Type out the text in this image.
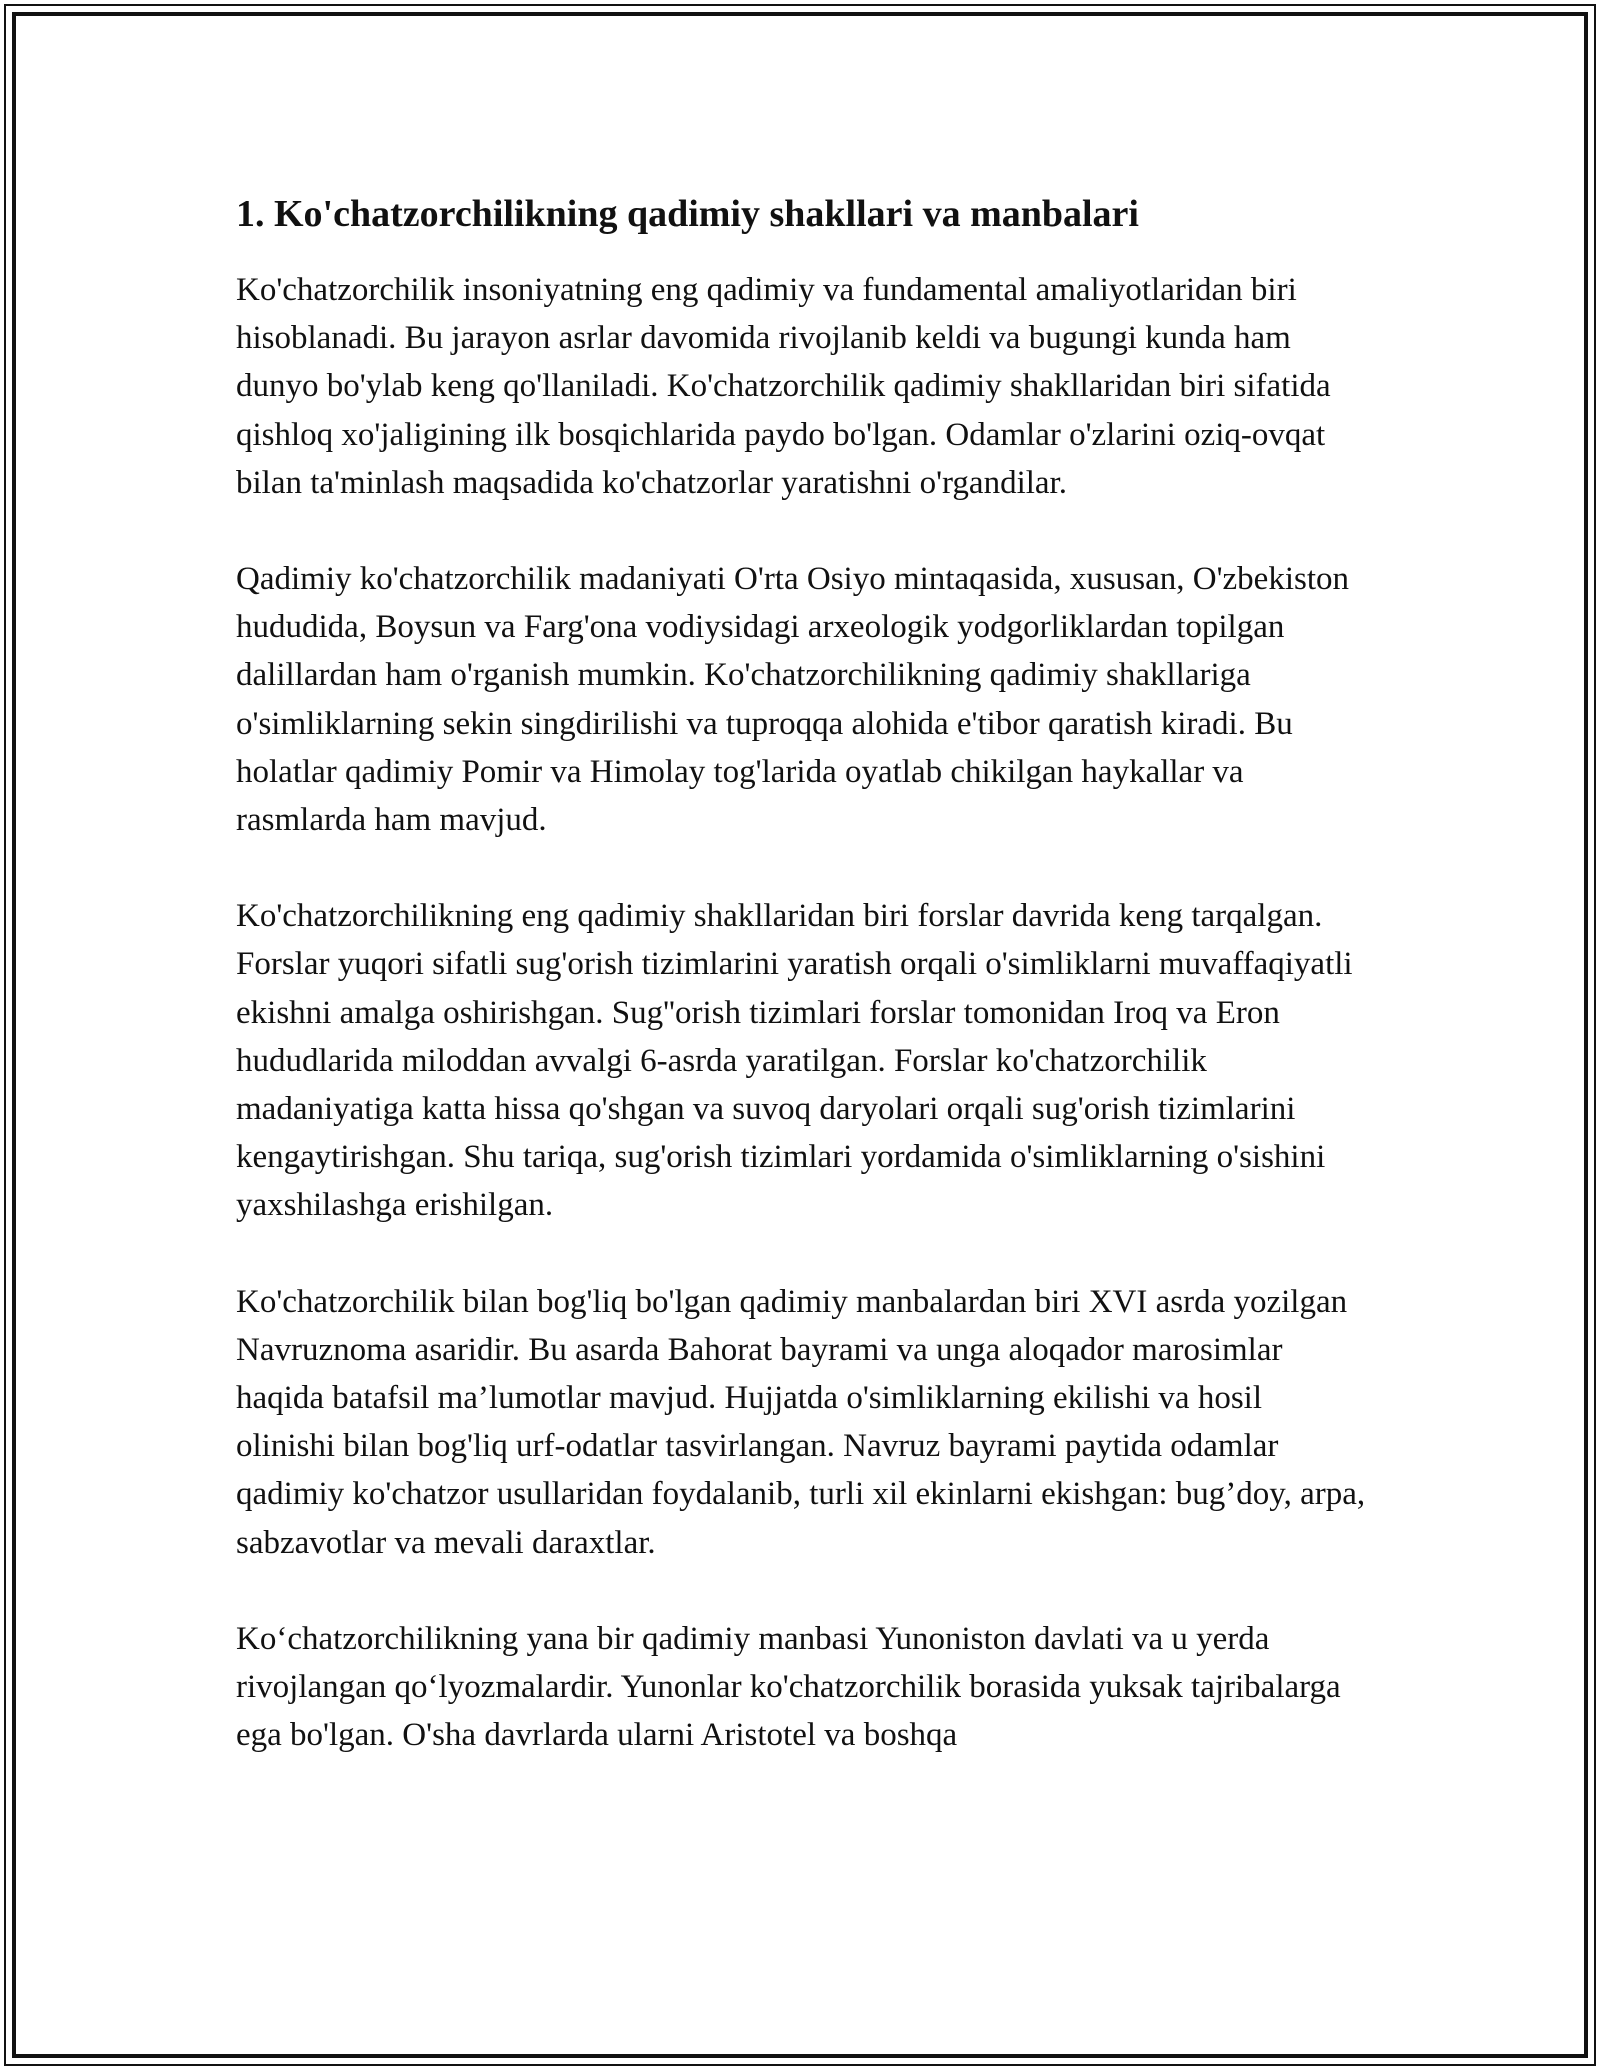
1. Ko'chatzorchilikning qadimiy shakllari va manbalari

Ko'chatzorchilik insoniyatning eng qadimiy va fundamental amaliyotlaridan biri hisoblanadi. Bu jarayon asrlar davomida rivojlanib keldi va bugungi kunda ham dunyo bo'ylab keng qo'llaniladi. Ko'chatzorchilik qadimiy shakllaridan biri sifatida qishloq xo'jaligining ilk bosqichlarida paydo bo'lgan. Odamlar o'zlarini oziq-ovqat bilan ta'minlash maqsadida ko'chatzorlar yaratishni o'rgandilar.

Qadimiy ko'chatzorchilik madaniyati O'rta Osiyo mintaqasida, xususan, O'zbekiston hududida, Boysun va Farg'ona vodiysidagi arxeologik yodgorliklardan topilgan dalillardan ham o'rganish mumkin. Ko'chatzorchilikning qadimiy shakllariga o'simliklarning sekin singdirilishi va tuproqqa alohida e'tibor qaratish kiradi. Bu holatlar qadimiy Pomir va Himolay tog'larida oyatlab chikilgan haykallar va rasmlarda ham mavjud.

Ko'chatzorchilikning eng qadimiy shakllaridan biri forslar davrida keng tarqalgan. Forslar yuqori sifatli sug'orish tizimlarini yaratish orqali o'simliklarni muvaffaqiyatli ekishni amalga oshirishgan. Sug''orish tizimlari forslar tomonidan Iroq va Eron hududlarida miloddan avvalgi 6-asrda yaratilgan. Forslar ko'chatzorchilik madaniyatiga katta hissa qo'shgan va suvoq daryolari orqali sug'orish tizimlarini kengaytirishgan. Shu tariqa, sug'orish tizimlari yordamida o'simliklarning o'sishini yaxshilashga erishilgan.

Ko'chatzorchilik bilan bog'liq bo'lgan qadimiy manbalardan biri XVI asrda yozilgan Navruznoma asaridir. Bu asarda Bahorat bayrami va unga aloqador marosimlar haqida batafsil ma’lumotlar mavjud. Hujjatda o'simliklarning ekilishi va hosil olinishi bilan bog'liq urf-odatlar tasvirlangan. Navruz bayrami paytida odamlar qadimiy ko'chatzor usullaridan foydalanib, turli xil ekinlarni ekishgan: bug’doy, arpa, sabzavotlar va mevali daraxtlar.

Ko‘chatzorchilikning yana bir qadimiy manbasi Yunoniston davlati va u yerda rivojlangan qo‘lyozmalardir. Yunonlar ko'chatzorchilik borasida yuksak tajribalarga ega bo'lgan. O'sha davrlarda ularni Aristotel va boshqa
